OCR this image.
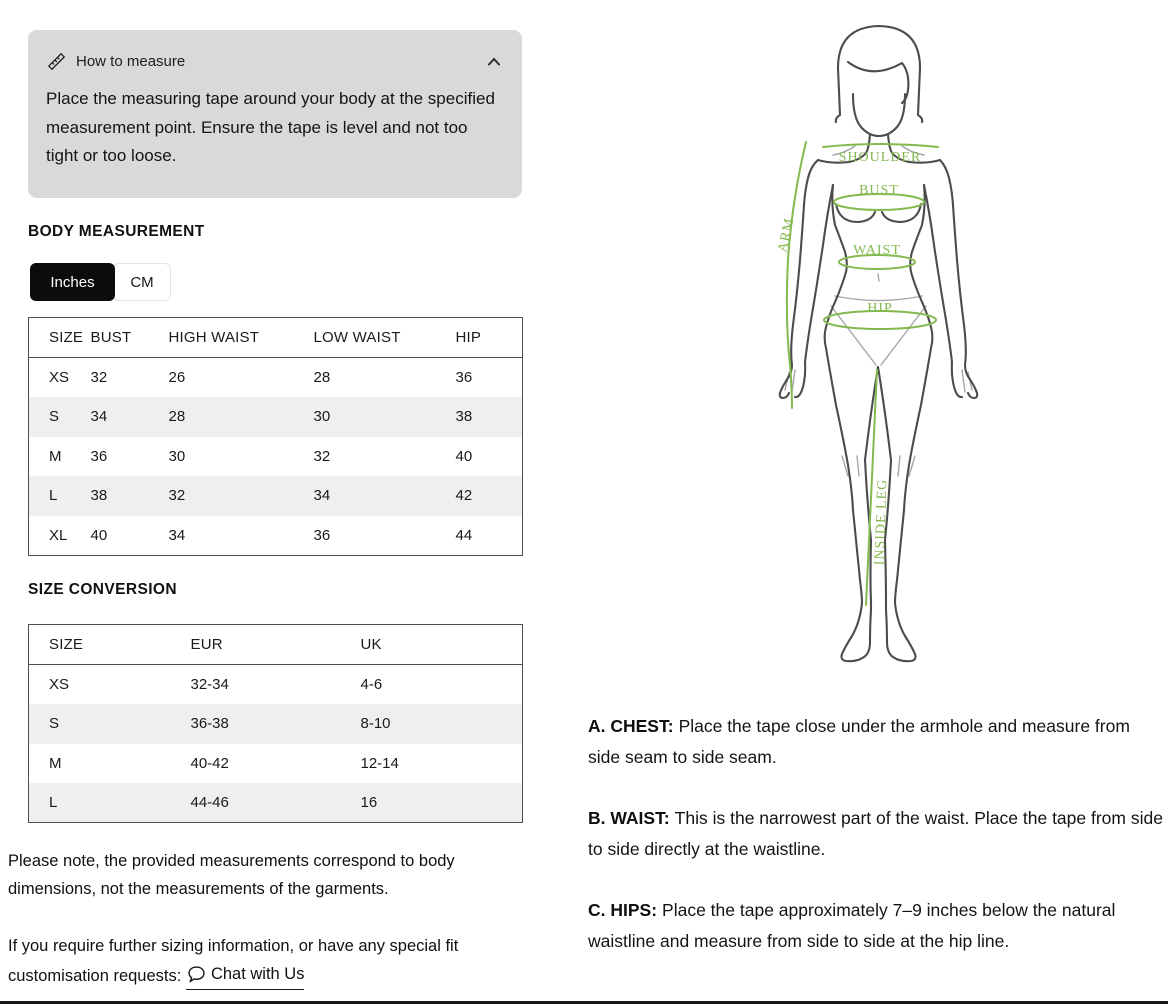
How to measure

Place the measuring tape around your body at the specified measurement point. Ensure the tape is level and not too tight or too loose.

BODY MEASUREMENT
Inches	CM
SIZE	BUST	HIGH WAIST	LOW WAIST	HIP
XS	32	26	28	36
S	34	28	30	38
M	36	30	32	40
L	38	32	34	42
XL	40	34	36	44
SIZE CONVERSION
SIZE	EUR	UK
XS	32-34	4-6
S	36-38	8-10
M	40-42	12-14
L	44-46	16

Please note, the provided measurements correspond to body dimensions, not the measurements of the garments.

If you require further sizing information, or have any special fit customisation requests: Chat with Us

SHOULDER
BUST
WAIST
HIP
ARM
INSIDE LEG

A. CHEST: Place the tape close under the armhole and measure from side seam to side seam.

B. WAIST: This is the narrowest part of the waist. Place the tape from side to side directly at the waistline.

C. HIPS: Place the tape approximately 7–9 inches below the natural waistline and measure from side to side at the hip line.
